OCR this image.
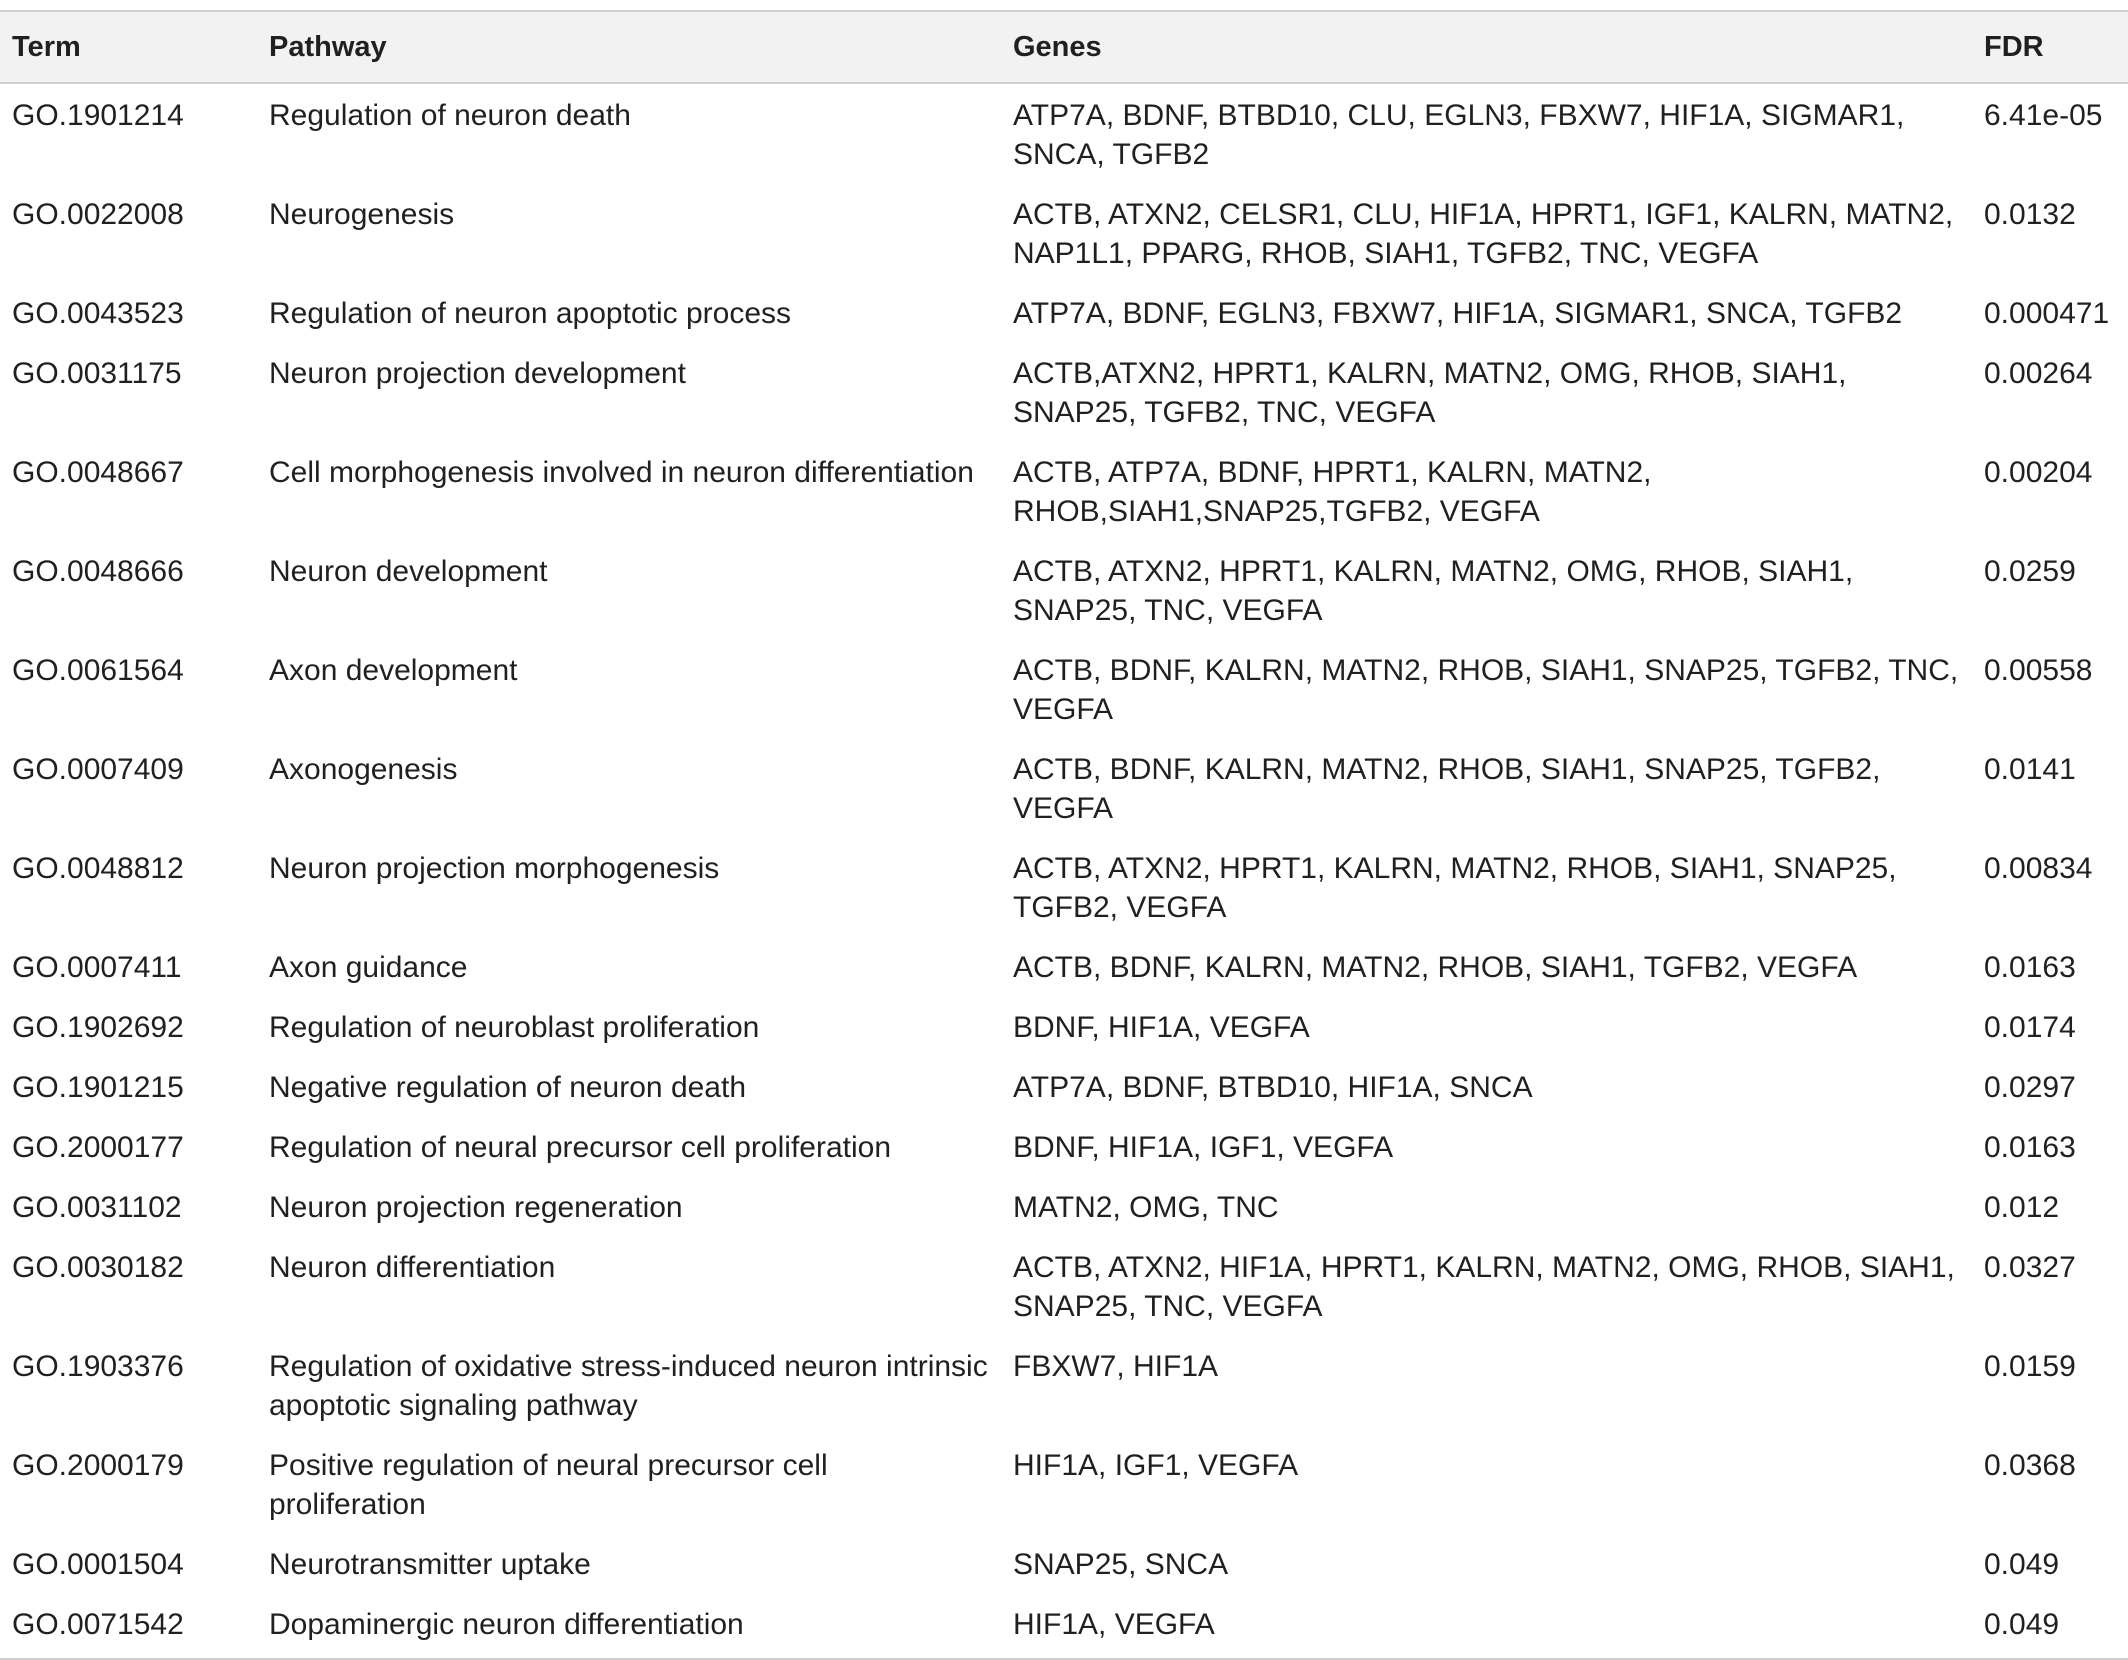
Term	Pathway	Genes	FDR
GO.1901214	Regulation of neuron death	ATP7A, BDNF, BTBD10, CLU, EGLN3, FBXW7, HIF1A, SIGMAR1, SNCA, TGFB2	6.41e-05
GO.0022008	Neurogenesis	ACTB, ATXN2, CELSR1, CLU, HIF1A, HPRT1, IGF1, KALRN, MATN2, NAP1L1, PPARG, RHOB, SIAH1, TGFB2, TNC, VEGFA	0.0132
GO.0043523	Regulation of neuron apoptotic process	ATP7A, BDNF, EGLN3, FBXW7, HIF1A, SIGMAR1, SNCA, TGFB2	0.000471
GO.0031175	Neuron projection development	ACTB,ATXN2, HPRT1, KALRN, MATN2, OMG, RHOB, SIAH1, SNAP25, TGFB2, TNC, VEGFA	0.00264
GO.0048667	Cell morphogenesis involved in neuron differentiation	ACTB, ATP7A, BDNF, HPRT1, KALRN, MATN2, RHOB,SIAH1,SNAP25,TGFB2, VEGFA	0.00204
GO.0048666	Neuron development	ACTB, ATXN2, HPRT1, KALRN, MATN2, OMG, RHOB, SIAH1, SNAP25, TNC, VEGFA	0.0259
GO.0061564	Axon development	ACTB, BDNF, KALRN, MATN2, RHOB, SIAH1, SNAP25, TGFB2, TNC, VEGFA	0.00558
GO.0007409	Axonogenesis	ACTB, BDNF, KALRN, MATN2, RHOB, SIAH1, SNAP25, TGFB2, VEGFA	0.0141
GO.0048812	Neuron projection morphogenesis	ACTB, ATXN2, HPRT1, KALRN, MATN2, RHOB, SIAH1, SNAP25, TGFB2, VEGFA	0.00834
GO.0007411	Axon guidance	ACTB, BDNF, KALRN, MATN2, RHOB, SIAH1, TGFB2, VEGFA	0.0163
GO.1902692	Regulation of neuroblast proliferation	BDNF, HIF1A, VEGFA	0.0174
GO.1901215	Negative regulation of neuron death	ATP7A, BDNF, BTBD10, HIF1A, SNCA	0.0297
GO.2000177	Regulation of neural precursor cell proliferation	BDNF, HIF1A, IGF1, VEGFA	0.0163
GO.0031102	Neuron projection regeneration	MATN2, OMG, TNC	0.012
GO.0030182	Neuron differentiation	ACTB, ATXN2, HIF1A, HPRT1, KALRN, MATN2, OMG, RHOB, SIAH1, SNAP25, TNC, VEGFA	0.0327
GO.1903376	Regulation of oxidative stress-induced neuron intrinsic apoptotic signaling pathway	FBXW7, HIF1A	0.0159
GO.2000179	Positive regulation of neural precursor cell proliferation	HIF1A, IGF1, VEGFA	0.0368
GO.0001504	Neurotransmitter uptake	SNAP25, SNCA	0.049
GO.0071542	Dopaminergic neuron differentiation	HIF1A, VEGFA	0.049
